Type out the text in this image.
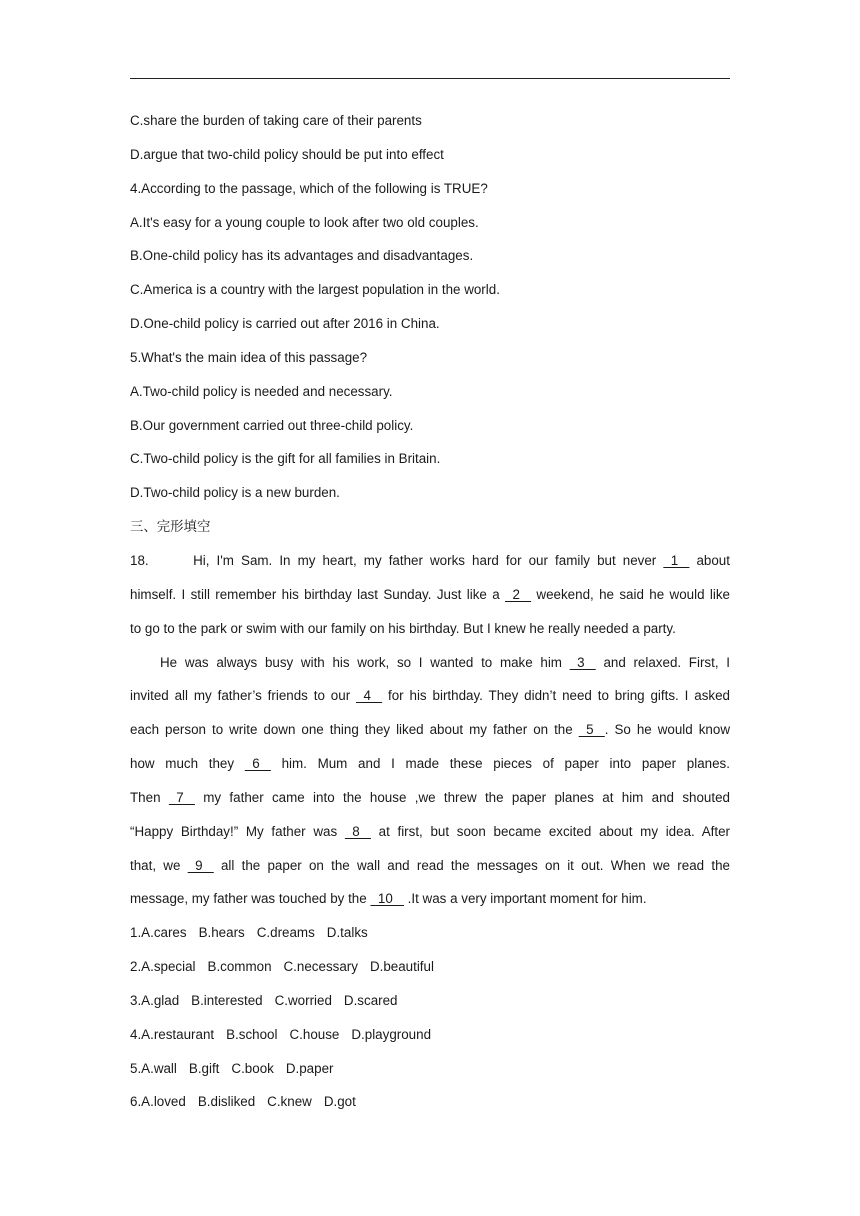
C.share the burden of taking care of their parents
D.argue that two-child policy should be put into effect
4.According to the passage, which of the following is TRUE?
A.It's easy for a young couple to look after two old couples.
B.One-child policy has its advantages and disadvantages.
C.America is a country with the largest population in the world.
D.One-child policy is carried out after 2016 in China.
5.What's the main idea of this passage?
A.Two-child policy is needed and necessary.
B.Our government carried out three-child policy.
C.Two-child policy is the gift for all families in Britain.
D.Two-child policy is a new burden.
三、完形填空
18.	Hi, I'm Sam. In my heart, my father works hard for our family but never   1    about
himself. I still remember his birthday last Sunday. Just like a   2    weekend, he said he would like
to go to the park or swim with our family on his birthday. But I knew he really needed a party.
He was always busy with his work, so I wanted to make him   3    and relaxed. First, I
invited all my father’s friends to our   4    for his birthday. They didn’t need to bring gifts. I asked
each person to write down one thing they liked about my father on the   5   . So he would know
how much they   6    him. Mum and I made these pieces of paper into paper planes.
Then   7    my father came into the house ,we threw the paper planes at him and shouted
“Happy Birthday!” My father was   8    at first, but soon became excited about my idea. After
that, we   9    all the paper on the wall and read the messages on it out. When we read the
message, my father was touched by the   10    .It was a very important moment for him.
1.A.cares B.hears C.dreams D.talks
2.A.special B.common C.necessary D.beautiful
3.A.glad B.interested C.worried D.scared
4.A.restaurant B.school C.house D.playground
5.A.wall B.gift C.book D.paper
6.A.loved B.disliked C.knew D.got
